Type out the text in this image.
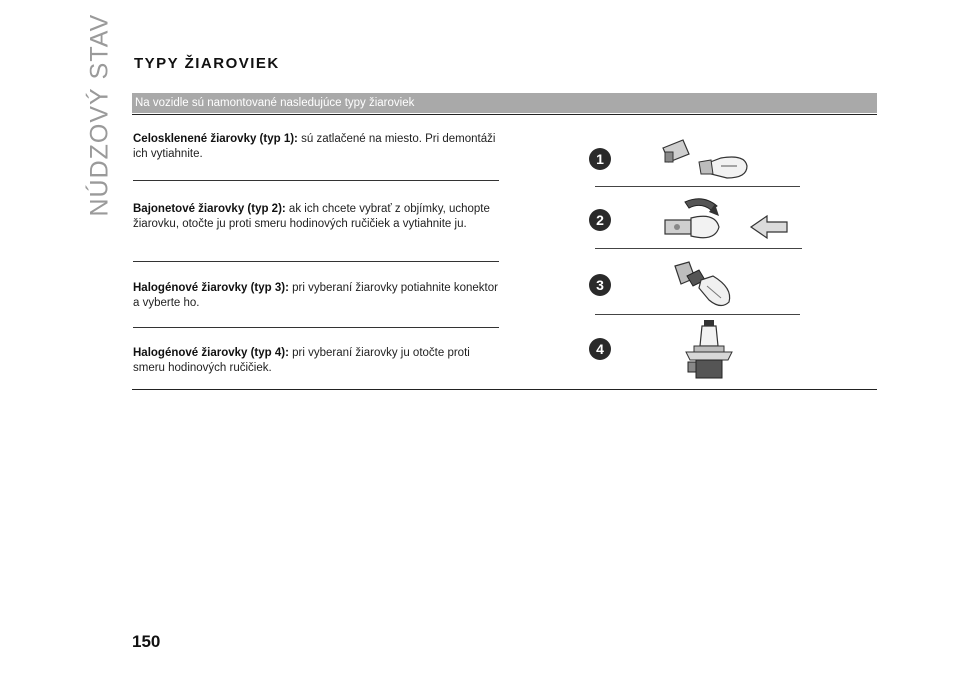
NÚDZOVÝ STAV TYPY ŽIAROVIEK
Na vozidle sú namontované nasledujúce typy žiaroviek

Celosklenené žiarovky (typ 1): sú zatlačené na miesto. Pri demontáži ich vytiahnite.

Bajonetové žiarovky (typ 2): ak ich chcete vybrať z objímky, uchopte žiarovku, otočte ju proti smeru hodinových ručičiek a vytiahnite ju.

Halogénové žiarovky (typ 3): pri vyberaní žiarovky potiahnite konektor a vyberte ho.

Halogénové žiarovky (typ 4): pri vyberaní žiarovky ju otočte proti smeru hodinových ručičiek.

1
2
3
4
150
